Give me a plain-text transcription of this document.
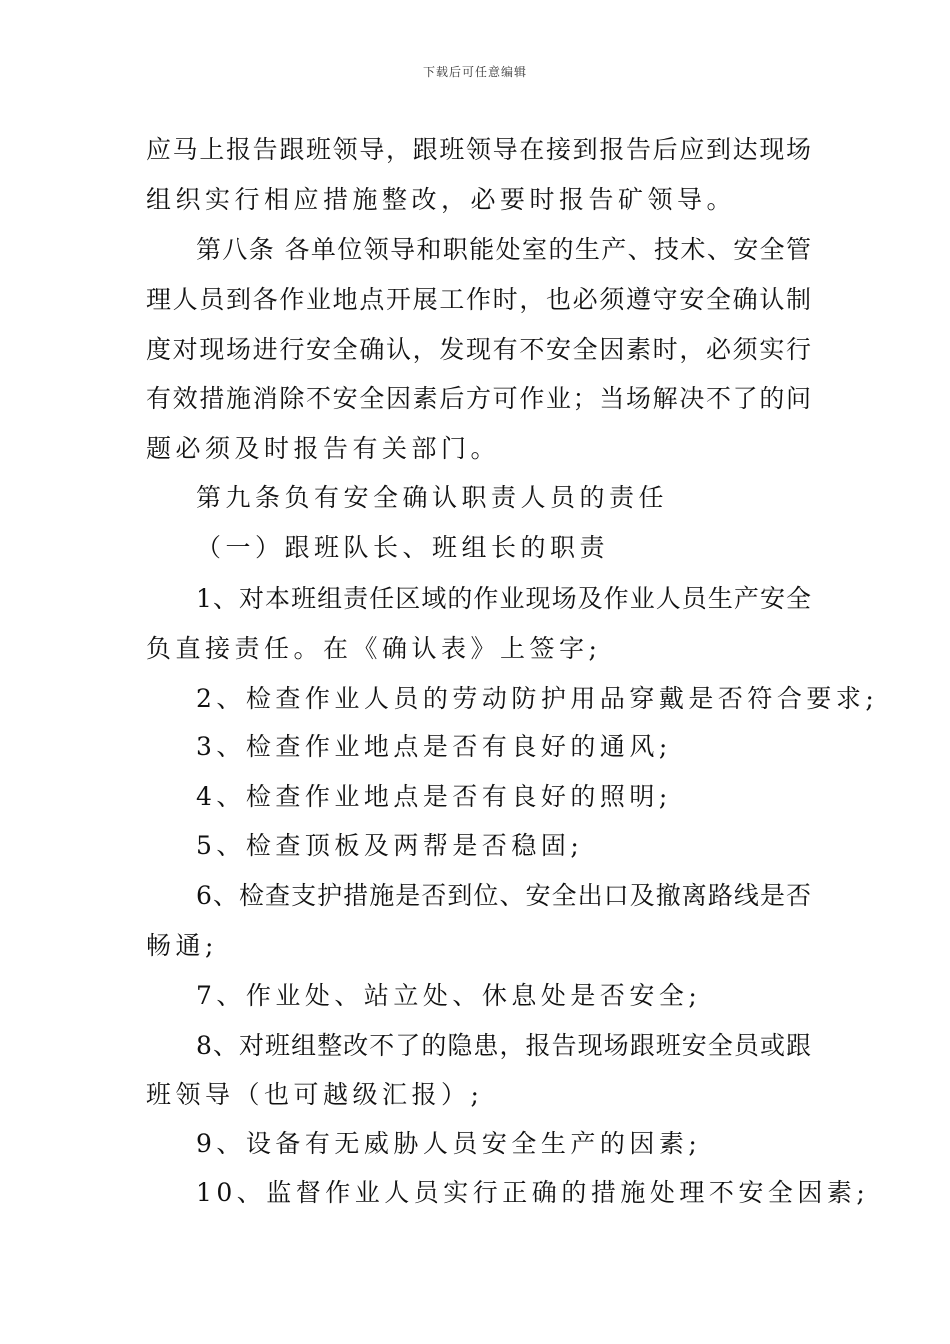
下载后可任意编辑
应马上报告跟班领导，跟班领导在接到报告后应到达现场
组织实行相应措施整改，必要时报告矿领导。
第八条 各单位领导和职能处室的生产、技术、安全管
理人员到各作业地点开展工作时，也必须遵守安全确认制
度对现场进行安全确认，发现有不安全因素时，必须实行
有效措施消除不安全因素后方可作业；当场解决不了的问
题必须及时报告有关部门。
第九条负有安全确认职责人员的责任
（一）跟班队长、班组长的职责
1、对本班组责任区域的作业现场及作业人员生产安全
负直接责任。在《确认表》上签字;
2、检查作业人员的劳动防护用品穿戴是否符合要求;
3、检查作业地点是否有良好的通风;
4、检查作业地点是否有良好的照明;
5、检查顶板及两帮是否稳固;
6、检查支护措施是否到位、安全出口及撤离路线是否
畅通;
7、作业处、站立处、休息处是否安全;
8、对班组整改不了的隐患，报告现场跟班安全员或跟
班领导（也可越级汇报）;
9、设备有无威胁人员安全生产的因素;
10、监督作业人员实行正确的措施处理不安全因素;
